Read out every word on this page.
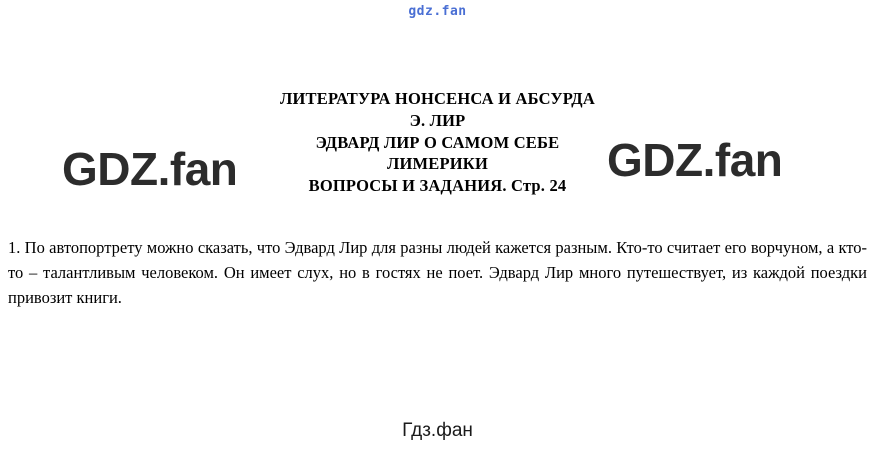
gdz.fan
ЛИТЕРАТУРА НОНСЕНСА И АБСУРДА
Э. ЛИР
ЭДВАРД ЛИР О САМОМ СЕБЕ
ЛИМЕРИКИ
ВОПРОСЫ И ЗАДАНИЯ. Стр. 24

1. По автопортрету можно сказать, что Эдвард Лир для разны людей кажется разным. Кто-то считает его ворчуном, а кто-то – талантливым человеком. Он имеет слух, но в гостях не поет. Эдвард Лир много путешествует, из каждой поездки привозит книги.

GDZ.fan	GDZ.fan
Гдз.фан
